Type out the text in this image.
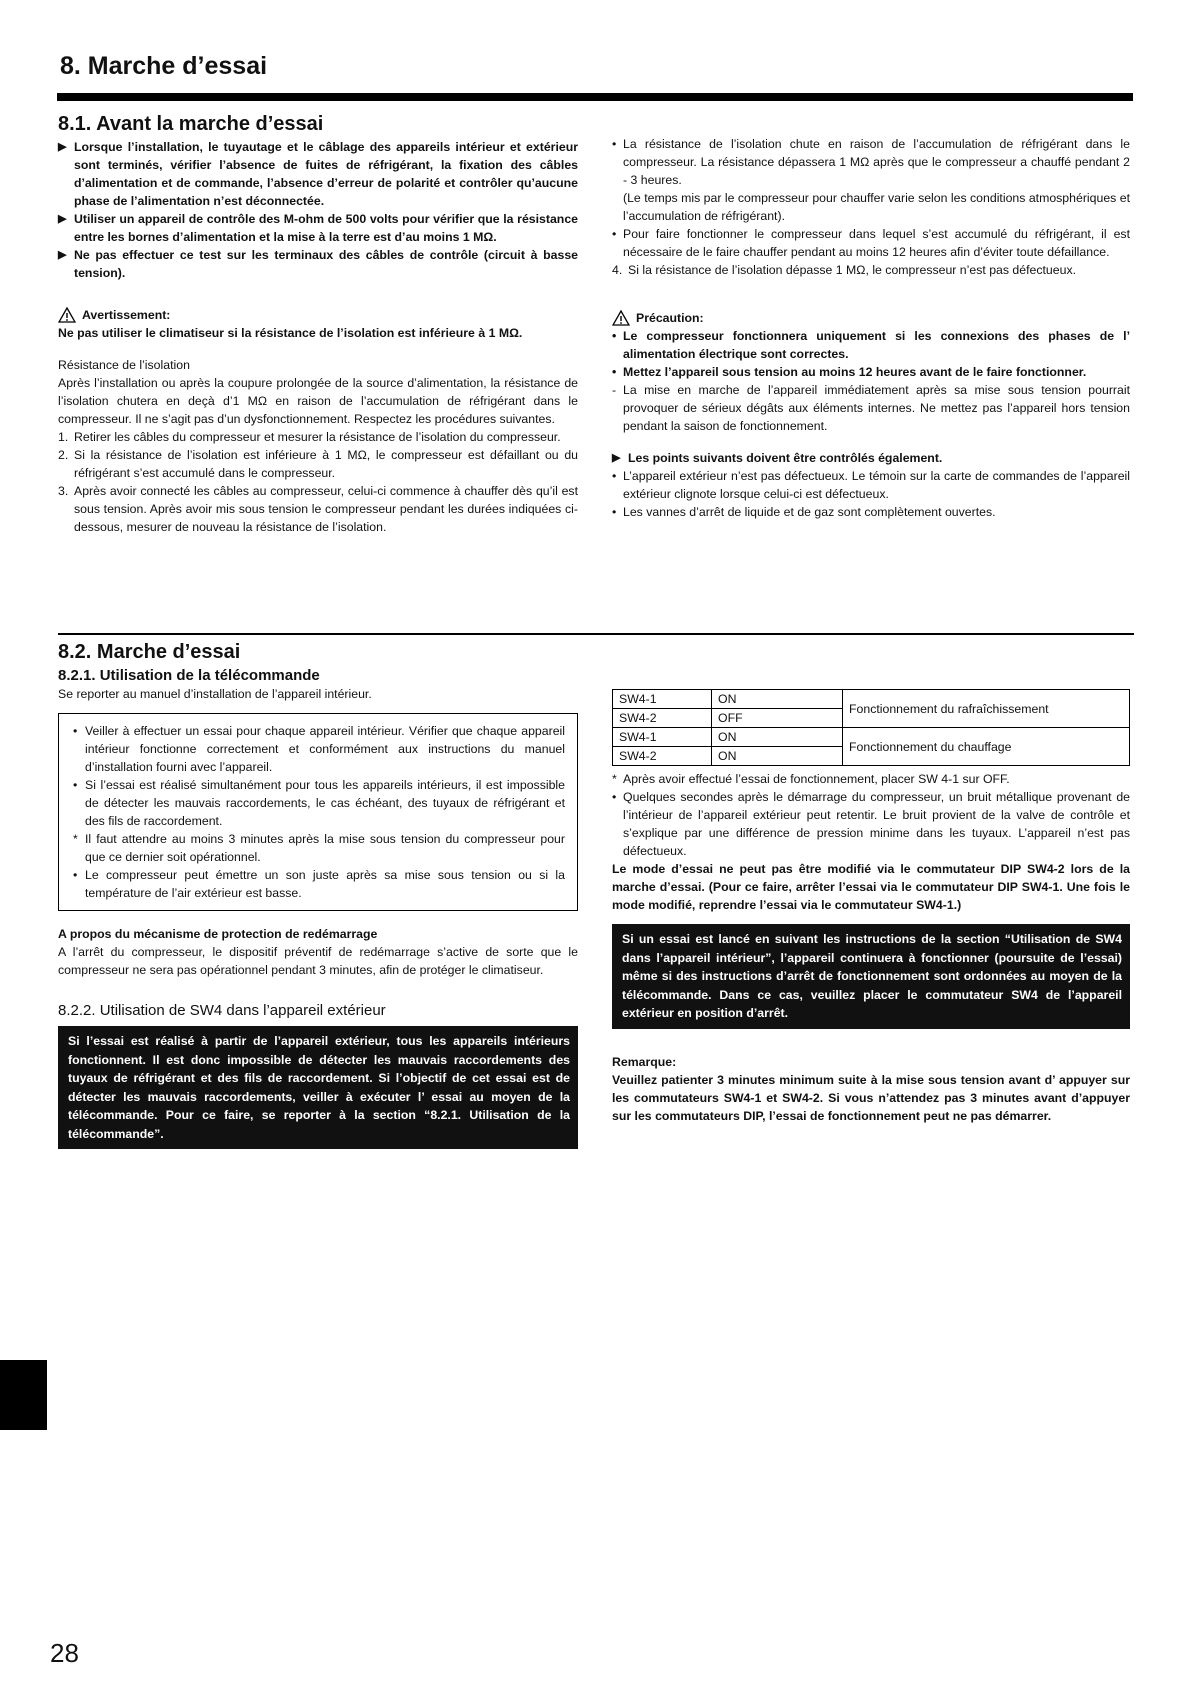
8. Marche d’essai
8.1. Avant la marche d’essai
▶ Lorsque l’installation, le tuyautage et le câblage des appareils intérieur et extérieur sont terminés, vérifier l’absence de fuites de réfrigérant, la fixation des câbles d’alimentation et de commande, l’absence d’erreur de polarité et contrôler qu’aucune phase de l’alimentation n’est déconnectée.
▶ Utiliser un appareil de contrôle des M-ohm de 500 volts pour vérifier que la résistance entre les bornes d’alimentation et la mise à la terre est d’au moins 1 MΩ.
▶ Ne pas effectuer ce test sur les terminaux des câbles de contrôle (circuit à basse tension).
Avertissement:

Ne pas utiliser le climatiseur si la résistance de l’isolation est inférieure à 1 MΩ.

Résistance de l’isolation

Après l’installation ou après la coupure prolongée de la source d’alimentation, la résistance de l’isolation chutera en deçà d’1 MΩ en raison de l’accumulation de réfrigérant dans le compresseur. Il ne s’agit pas d’un dysfonctionnement. Respectez les procédures suivantes.

1. Retirer les câbles du compresseur et mesurer la résistance de l’isolation du compresseur.
2. Si la résistance de l’isolation est inférieure à 1 MΩ, le compresseur est défaillant ou du réfrigérant s’est accumulé dans le compresseur.
3. Après avoir connecté les câbles au compresseur, celui-ci commence à chauffer dès qu’il est sous tension. Après avoir mis sous tension le compresseur pendant les durées indiquées ci-dessous, mesurer de nouveau la résistance de l’isolation.
• La résistance de l’isolation chute en raison de l’accumulation de réfrigérant dans le compresseur. La résistance dépassera 1 MΩ après que le compresseur a chauffé pendant 2 - 3 heures.
(Le temps mis par le compresseur pour chauffer varie selon les conditions atmosphériques et l’accumulation de réfrigérant).
• Pour faire fonctionner le compresseur dans lequel s’est accumulé du réfrigérant, il est nécessaire de le faire chauffer pendant au moins 12 heures afin d’éviter toute défaillance.
4. Si la résistance de l’isolation dépasse 1 MΩ, le compresseur n’est pas défectueux.
Précaution:
• Le compresseur fonctionnera uniquement si les connexions des phases de l’ alimentation électrique sont correctes.
• Mettez l’appareil sous tension au moins 12 heures avant de le faire fonctionner.
- La mise en marche de l’appareil immédiatement après sa mise sous tension pourrait provoquer de sérieux dégâts aux éléments internes. Ne mettez pas l’appareil hors tension pendant la saison de fonctionnement.
▶ Les points suivants doivent être contrôlés également.
• L’appareil extérieur n’est pas défectueux. Le témoin sur la carte de commandes de l’appareil extérieur clignote lorsque celui-ci est défectueux.
• Les vannes d’arrêt de liquide et de gaz sont complètement ouvertes.
8.2. Marche d’essai
8.2.1. Utilisation de la télécommande

Se reporter au manuel d’installation de l’appareil intérieur.

• Veiller à effectuer un essai pour chaque appareil intérieur. Vérifier que chaque appareil intérieur fonctionne correctement et conformément aux instructions du manuel d’installation fourni avec l’appareil.
• Si l’essai est réalisé simultanément pour tous les appareils intérieurs, il est impossible de détecter les mauvais raccordements, le cas échéant, des tuyaux de réfrigérant et des fils de raccordement.
* Il faut attendre au moins 3 minutes après la mise sous tension du compresseur pour que ce dernier soit opérationnel.
• Le compresseur peut émettre un son juste après sa mise sous tension ou si la température de l’air extérieur est basse.

A propos du mécanisme de protection de redémarrage

A l’arrêt du compresseur, le dispositif préventif de redémarrage s’active de sorte que le compresseur ne sera pas opérationnel pendant 3 minutes, afin de protéger le climatiseur.

8.2.2. Utilisation de SW4 dans l’appareil extérieur
Si l’essai est réalisé à partir de l’appareil extérieur, tous les appareils intérieurs fonctionnent. Il est donc impossible de détecter les mauvais raccordements des tuyaux de réfrigérant et des fils de raccordement. Si l’objectif de cet essai est de détecter les mauvais raccordements, veiller à exécuter l’ essai au moyen de la télécommande. Pour ce faire, se reporter à la section “8.2.1. Utilisation de la télécommande”.
SW4-1	ON	Fonctionnement du rafraîchissement
SW4-2	OFF	
SW4-1	ON	Fonctionnement du chauffage
SW4-2	ON	
* Après avoir effectué l’essai de fonctionnement, placer SW 4-1 sur OFF.
• Quelques secondes après le démarrage du compresseur, un bruit métallique provenant de l’intérieur de l’appareil extérieur peut retentir. Le bruit provient de la valve de contrôle et s’explique par une différence de pression minime dans les tuyaux. L’appareil n’est pas défectueux.

Le mode d’essai ne peut pas être modifié via le commutateur DIP SW4-2 lors de la marche d’essai. (Pour ce faire, arrêter l’essai via le commutateur DIP SW4-1. Une fois le mode modifié, reprendre l’essai via le commutateur SW4-1.)

Si un essai est lancé en suivant les instructions de la section “Utilisation de SW4 dans l’appareil intérieur”, l’appareil continuera à fonctionner (poursuite de l’essai) même si des instructions d’arrêt de fonctionnement sont ordonnées au moyen de la télécommande. Dans ce cas, veuillez placer le commutateur SW4 de l’appareil extérieur en position d’arrêt.

Remarque:

Veuillez patienter 3 minutes minimum suite à la mise sous tension avant d’ appuyer sur les commutateurs SW4-1 et SW4-2. Si vous n’attendez pas 3 minutes avant d’appuyer sur les commutateurs DIP, l’essai de fonctionnement peut ne pas démarrer.

28
